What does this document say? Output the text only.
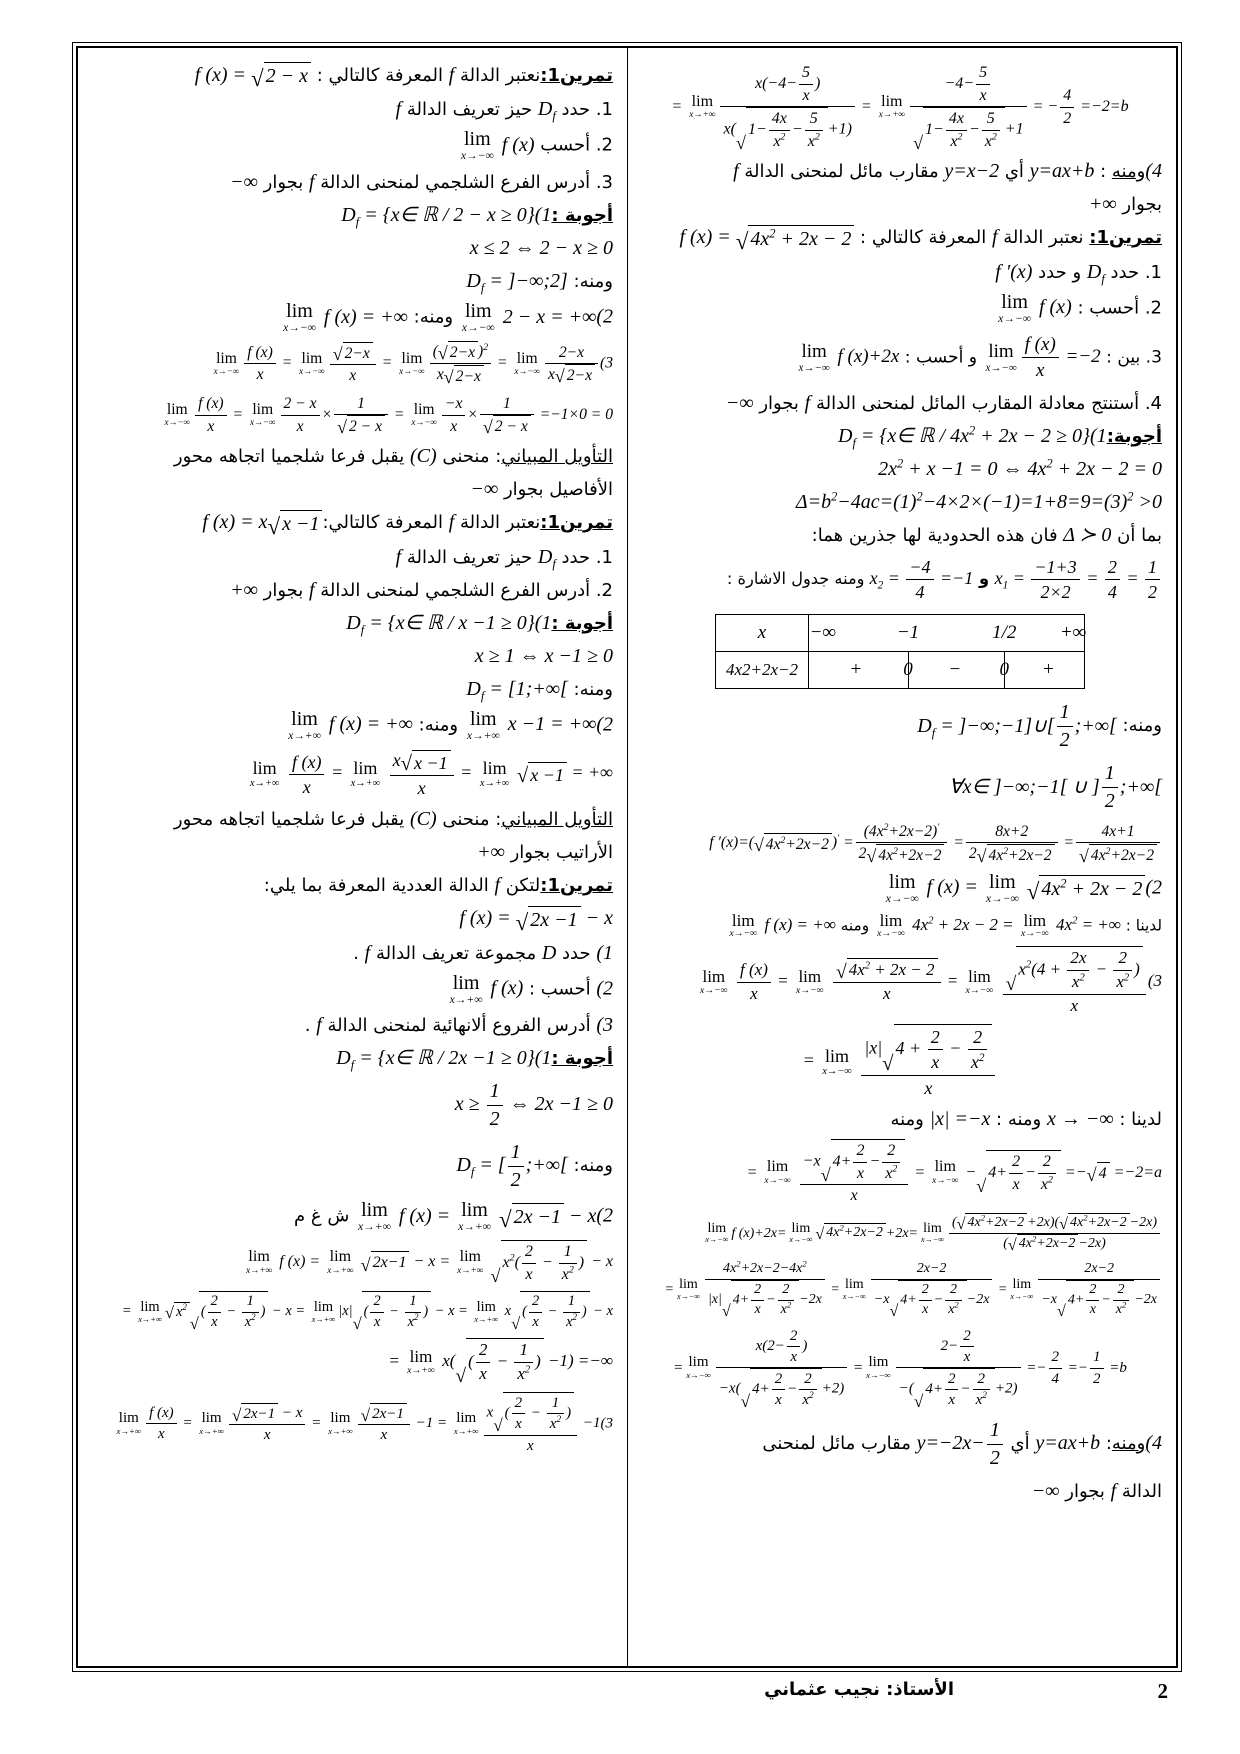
= lim
x→+∞ $x(-4- \frac{5}{x}$ )
x(
√
$1- \frac{4x}{x^2} - \frac{5}{x^2} +1) = \lim$
$x\to+\infty -4- \frac{5}{x}$
√
$1- \frac{4x}{x^2} - \frac{5}{x^2} +1$ = − $\frac{4}{2} =-2=b$
(4ومنه : y=ax+b أي y=x−2 مقارب مائل لمنحنى الدالة f
بجوار +∞
تمرين1: نعتبر الدالة f المعرفة كالتالي : f (x) = √ $4x^2 + 2x - 2$
1. حدد $D_f$ و حدد f ′(x)
2. أحسب :
lim
x→−∞
f (x)
3. بين :
lim
$x\to-\infty \frac{f (x)}{x} =-2$ و أحسب :
lim
x→−∞
f (x)+2x
4. أستنتج معادلة المقارب المائل لمنحنى الدالة f بجوار −∞
$أجوبة:(1D_f$ = {x∈ ℝ / $4x^2 + 2x - 2 \ge 0$}
$2x^2 + x -1 = 0$ ⇔ $4x^2 + 2x - 2 = 0$
$\Delta=b^2-4ac=(1)^2-4\times 2\times(-1)=1+8=9=(3)^2 >0$
بما أن Δ ≻ 0 فان هذه الحدودية لها جذرين هما:
$x_1 = \frac{-1+3}{2\times 2} = \frac{2}{4} = \frac{1}{2}$
و $x_2 = \frac{-4}{4} =-1$ ومنه جدول الاشارة :
x	−∞	−1	1/2 +∞
4x2+2x−2	+ 0 − 0 +
ومنه: $D_f$ = ]−∞;−1]∪[ $\frac{1}{2}$ ;+∞[
∀x∈ ]−∞;−1[ ∪ ] $\frac{1}{2}$ ;+∞[
f ′(x)=( √ $4x^2+2x-2$ )$' = \frac{(4x^2+2x-2)'}{2 √ 4x^2+2x-2} = \frac{8x+2}{2 √ 4x^2+2x-2} = \frac{4x+1}{√ 4x^2+2x-2}$
(2
lim
x→−∞
f (x) = lim
x→−∞
√ $4x^2 + 2x - 2$
لدينا :
lim
x→−∞
$4x^2 + 2x - 2 = \lim$
x→−∞
$4x^2$ = +∞ ومنه
lim
x→−∞
f (x) = +∞
(3
lim
x→−∞
$\frac{f (x)}{x} = \lim$
x→−∞
$\frac{√ 4x^2 + 2x - 2}{x} = \lim$
x→−∞
√
$x^2(4 + \frac{2x}{x^2} - \frac{2}{x^2}$ )
x
= lim
x→−∞
|x|
√
$4 + \frac{2}{x} - \frac{2}{x^2}$
x
لدينا : x → −∞ ومنه : |x| =−x ومنه
= lim
x→−∞
−x
√
$4+ \frac{2}{x} - \frac{2}{x^2}$
x = lim
x→−∞
−
√
$4+ \frac{2}{x} - \frac{2}{x^2}$ =− √ 4 =−2=a
lim
x→−∞ f (x)+2x= lim
x→−∞ √ $4x^2+2x-2 +2x= \lim$
$x\to-\infty \frac{( √ 4x^2+2x-2 +2x)( √ 4x^2+2x-2 -2x)}{( √ 4x^2+2x-2 -2x)}$
= lim
x→−∞ $4x^2+2x-2-4x^2$
|x|
√
$4+ \frac{2}{x} - \frac{2}{x^2} -2x = \lim$
x→−∞ 2x−2
−x
√
$4+ \frac{2}{x} - \frac{2}{x^2} -2x = \lim$
x→−∞ 2x−2
−x
√
$4+ \frac{2}{x} - \frac{2}{x^2} -2x$
= lim
x→−∞ $x(2- \frac{2}{x}$ )
−x(
√
$4+ \frac{2}{x} - \frac{2}{x^2} +2) = \lim$
x→−∞ $2- \frac{2}{x}$
−(
√
$4+ \frac{2}{x} - \frac{2}{x^2} +2) =- \frac{2}{4} =- \frac{1}{2} =b$
(4ومنه: y=ax+b أي $y=-2x- \frac{1}{2}$
مقارب مائل لمنحنى
الدالة f بجوار −∞
تمرين1:نعتبر الدالة f المعرفة كالتالي : f (x) = √ 2 − x
1. حدد $D_f$ حيز تعريف الدالة f
2. أحسب
lim
x→−∞
f (x)
3. أدرس الفرع الشلجمي لمنحنى الدالة f بجوار −∞
أجوبة $:(1D_f$ = {x∈ ℝ / 2 − x ≥ 0}
x ≤ 2 ⇔ 2 − x ≥ 0
ومنه: $D_f$ = ]−∞;2]
(2
lim
x→−∞
2 − x = +∞ ومنه:
lim
x→−∞
f (x) = +∞
(3
lim
$x\to-\infty \frac{f (x)}{x} = \lim$
$x\to-\infty \frac{√ 2-x}{x} = \lim$
$x\to-\infty \frac{( √ 2-x )^2}{x √ 2-x} = \lim$
$x\to-\infty \frac{2-x}{x √ 2-x}$
lim
$x\to-\infty \frac{f (x)}{x} = \lim$
$x\to-\infty \frac{2 - x}{x} \times \frac{1}{√ 2 - x} = \lim$
$x\to-\infty \frac{-x}{x} \times \frac{1}{√ 2 - x} =-1\times 0 = 0$
التأويل المبياني: منحنى (C) يقبل فرعا شلجميا اتجاهه محور
الأفاصيل بجوار −∞
تمرين1:نعتبر الدالة f المعرفة كالتالي:f (x) = x √ x −1
1. حدد $D_f$ حيز تعريف الدالة f
2. أدرس الفرع الشلجمي لمنحنى الدالة f بجوار +∞
أجوبة $:(1D_f$ = {x∈ ℝ / x −1 ≥ 0}
x ≥ 1 ⇔ x −1 ≥ 0
ومنه: $D_f$ = [1;+∞[
(2
lim
x→+∞
x −1 = +∞ ومنه:
lim
x→+∞
f (x) = +∞
lim
x→+∞
$\frac{f (x)}{x} = \lim$
x→+∞
$\frac{x √ x -1}{x} = \lim$
x→+∞
√ x −1 = +∞
التأويل المبياني: منحنى (C) يقبل فرعا شلجميا اتجاهه محور
الأراتيب بجوار +∞
تمرين1:لتكن f الدالة العددية المعرفة بما يلي:
f (x) = √ 2x −1 − x
(1 حدد D مجموعة تعريف الدالة f .
(2 أحسب :
lim
x→+∞
f (x)
(3 أدرس الفروع ألانهائية لمنحنى الدالة f .
أجوبة $:(1D_f$ = {x∈ ℝ / 2x −1 ≥ 0}
$x \ge \frac{1}{2}$ ⇔ 2x −1 ≥ 0
ومنه: $D_f$ = [ $\frac{1}{2}$ ;+∞[
(2
lim
x→+∞
f (x) = lim
x→+∞
√ 2x −1 − x ش غ م
lim
x→+∞
f (x) = lim
x→+∞
√ 2x−1 − x = lim
x→+∞
√
$x^2( \frac{2}{x} - \frac{1}{x^2}$ ) − x
= lim
x→+∞ √ $x^2$
√
( $\frac{2}{x} - \frac{1}{x^2}$ ) − x = lim
x→+∞
|x|
√
( $\frac{2}{x} - \frac{1}{x^2}$ ) − x = lim
x→+∞
x
√
( $\frac{2}{x} - \frac{1}{x^2}$ ) − x
= lim
x→+∞
x(
√
( $\frac{2}{x} - \frac{1}{x^2}$ ) −1) =−∞
(3
lim
$x\to+\infty \frac{f (x)}{x} = \lim$
$x\to+\infty \frac{√ 2x-1 - x}{x} = \lim$
$x\to+\infty \frac{√ 2x-1}{x} -1 = \lim$
x→+∞ x
√
( $\frac{2}{x} - \frac{1}{x^2}$ )
x −1
الأستاذ: نجيب عثماني	2
